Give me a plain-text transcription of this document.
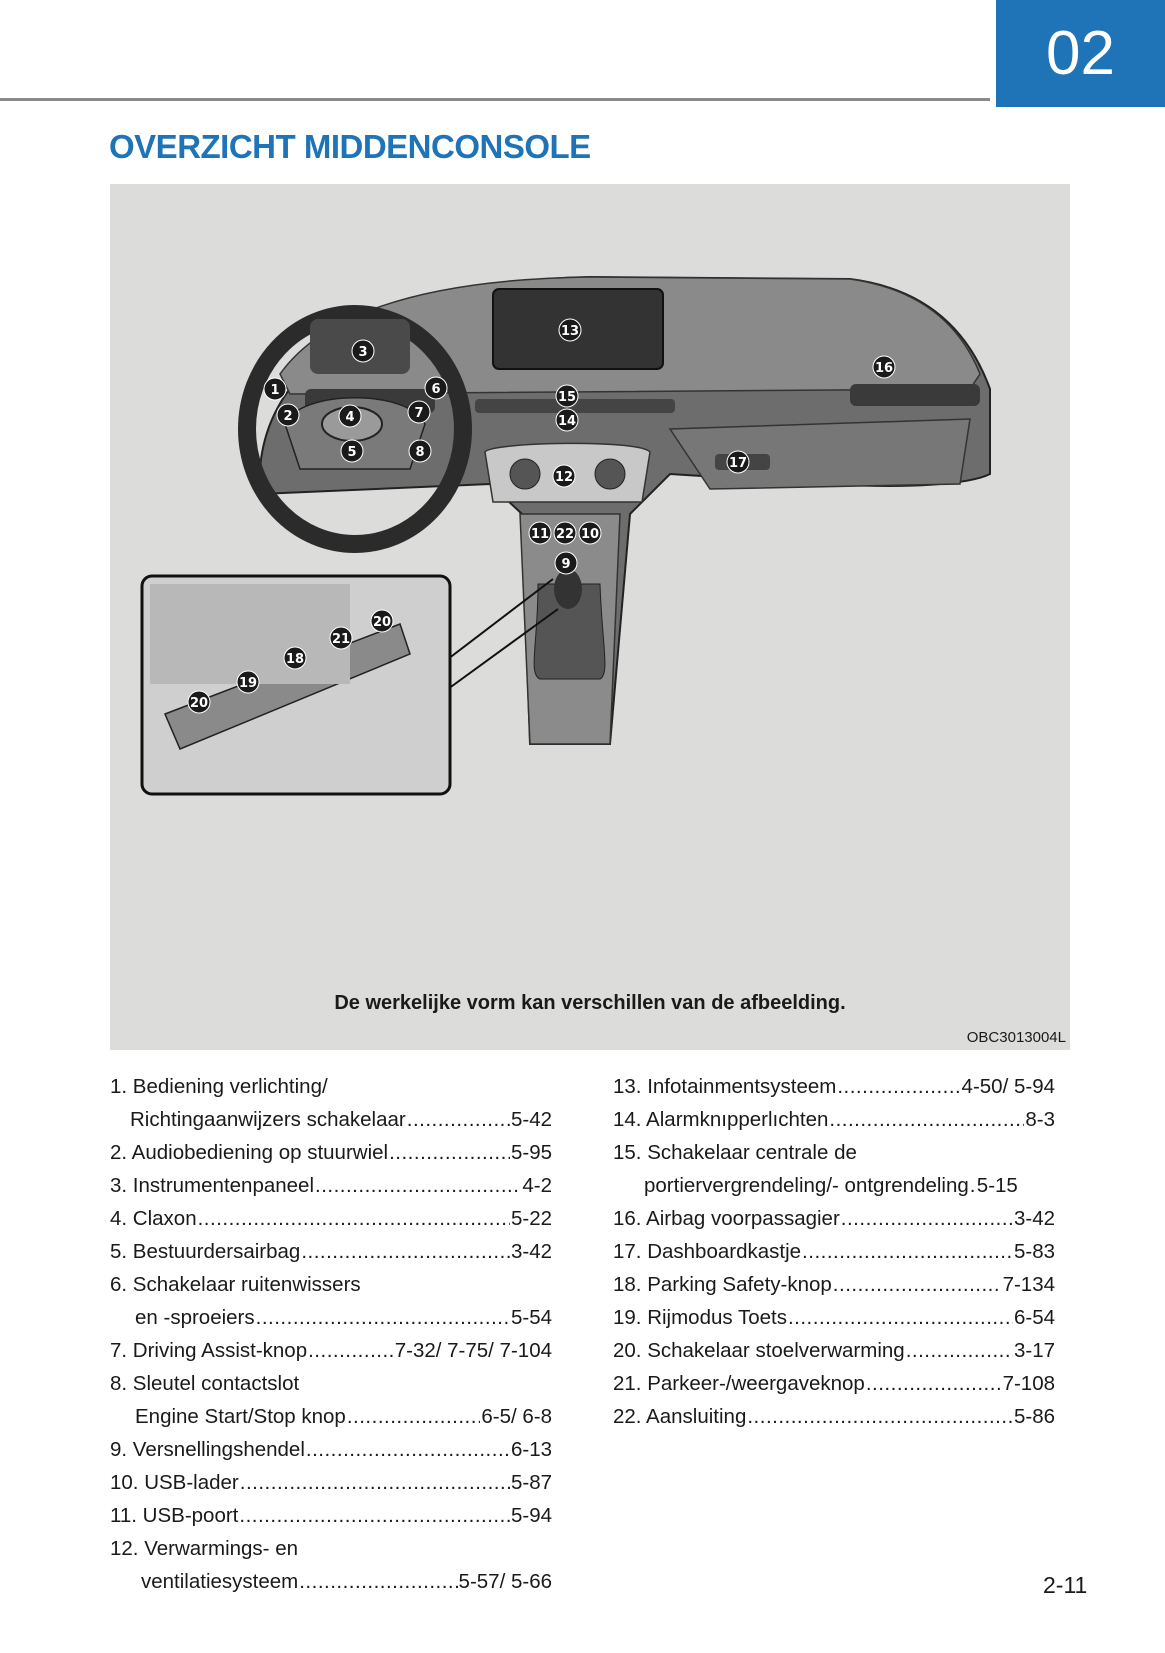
02
OVERZICHT MIDDENCONSOLE
1
2
3
4
5
6
7
8
9
10
11
12
13
14
15
16
17
18
19
20
20
21
22
De werkelijke vorm kan verschillen van de afbeelding.
OBC3013004L
1. Bediening verlichting/
Richtingaanwijzers schakelaar .....	5-42
2. Audiobediening op stuurwiel .....	5-95
3. Instrumentenpaneel .....	4-2
4. Claxon .....	5-22
5. Bestuurdersairbag .....	3-42
6. Schakelaar ruitenwissers
en -sproeiers .....	5-54
7. Driving Assist-knop .....	7-32/ 7-75/ 7-104
8. Sleutel contactslot
Engine Start/Stop knop .....	6-5/ 6-8
9. Versnellingshendel .....	6-13
10. USB-lader .....	5-87
11. USB-poort .....	5-94
12. Verwarmings- en
ventilatiesysteem .....	5-57/ 5-66
13. Infotainmentsysteem .....	4-50/ 5-94
14. Alarmknıpperlıchten .....	8-3
15. Schakelaar centrale de
portiervergrendeling/- ontgrendeling ..... 5-15
16. Airbag voorpassagier .....	3-42
17. Dashboardkastje .....	5-83
18. Parking Safety-knop .....	7-134
19. Rijmodus Toets .....	6-54
20. Schakelaar stoelverwarming .....	3-17
21. Parkeer-/weergaveknop .....	7-108
22. Aansluiting .....	5-86
2-11
